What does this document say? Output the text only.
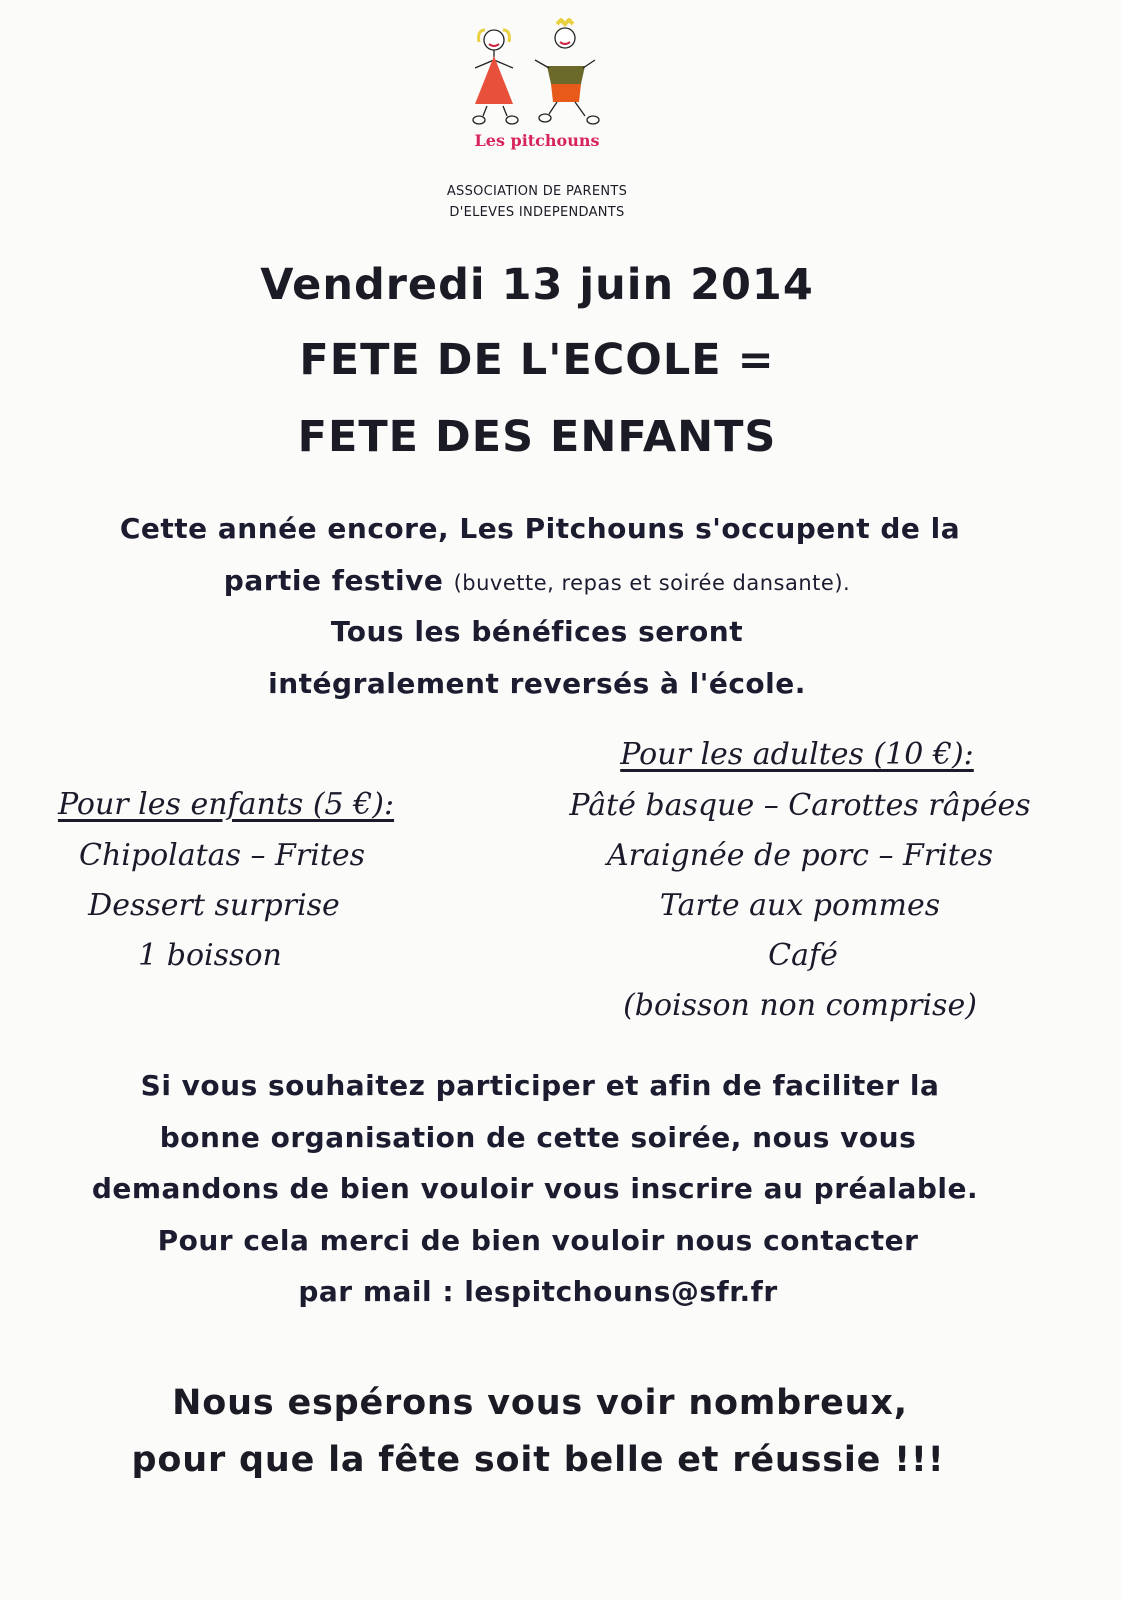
Les pitchouns
ASSOCIATION DE PARENTS
D'ELEVES INDEPENDANTS
Vendredi 13 juin 2014
FETE DE L'ECOLE =
FETE DES ENFANTS
Cette année encore, Les Pitchouns s'occupent de la
partie festive (buvette, repas et soirée dansante).
Tous les bénéfices seront
intégralement reversés à l'école.
Pour les enfants (5 €):
Chipolatas – Frites
Dessert surprise
1 boisson
Pour les adultes (10 €):
Pâté basque – Carottes râpées
Araignée de porc – Frites
Tarte aux pommes
Café
(boisson non comprise)
Si vous souhaitez participer et afin de faciliter la
bonne organisation de cette soirée, nous vous
demandons de bien vouloir vous inscrire au préalable.
Pour cela merci de bien vouloir nous contacter
par mail : lespitchouns@sfr.fr
Nous espérons vous voir nombreux,
pour que la fête soit belle et réussie !!!
